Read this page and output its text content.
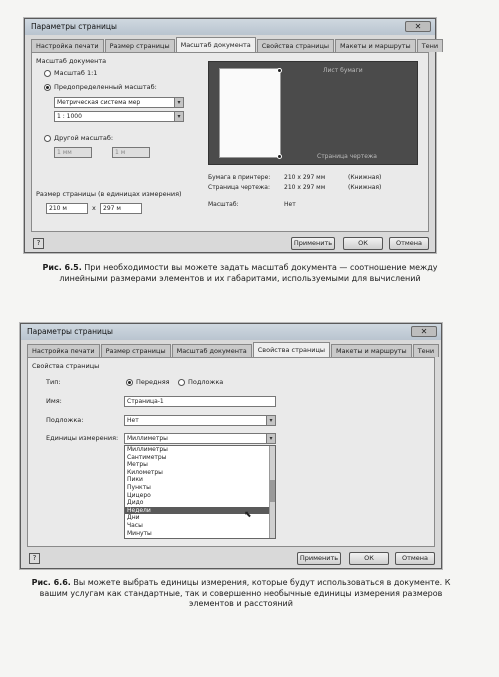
Параметры страницы	✕
Настройка печати	Размер страницы	Масштаб документа	Свойства страницы	Макеты и маршруты	Тени
Масштаб документа
Масштаб 1:1
Предопределенный масштаб:
Метрическая система мер	▾
1 : 1000	▾
Другой масштаб:
1 мм	1 м
Размер страницы (в единицах измерения)
210 м	x	297 м
Лист бумаги
Страница чертежа
Бумага в принтере: 210 x 297 мм	(Книжная)
Страница чертежа: 210 x 297 мм	(Книжная)
Масштаб:	Нет
?	Применить	ОК	Отмена
Рис. 6.5. При необходимости вы можете задать масштаб документа — соотношение между линейными размерами элементов и их габаритами, используемыми для вычислений
Параметры страницы	✕
Настройка печати	Размер страницы	Масштаб документа	Свойства страницы	Макеты и маршруты	Тени
Свойства страницы
Тип:	Передняя	Подложка
Имя:	Страница-1
Подложка:	Нет	▾
Единицы измерения:	Миллиметры	▾
Миллиметры
Сантиметры
Метры
Километры
Пики
Пункты
Цицеро
Дидо
Недели
Дни
Часы
Минуты
⬉
?	Применить	ОК	Отмена
Рис. 6.6. Вы можете выбрать единицы измерения, которые будут использоваться в документе. К вашим услугам как стандартные, так и совершенно необычные единицы измерения размеров элементов и расстояний
